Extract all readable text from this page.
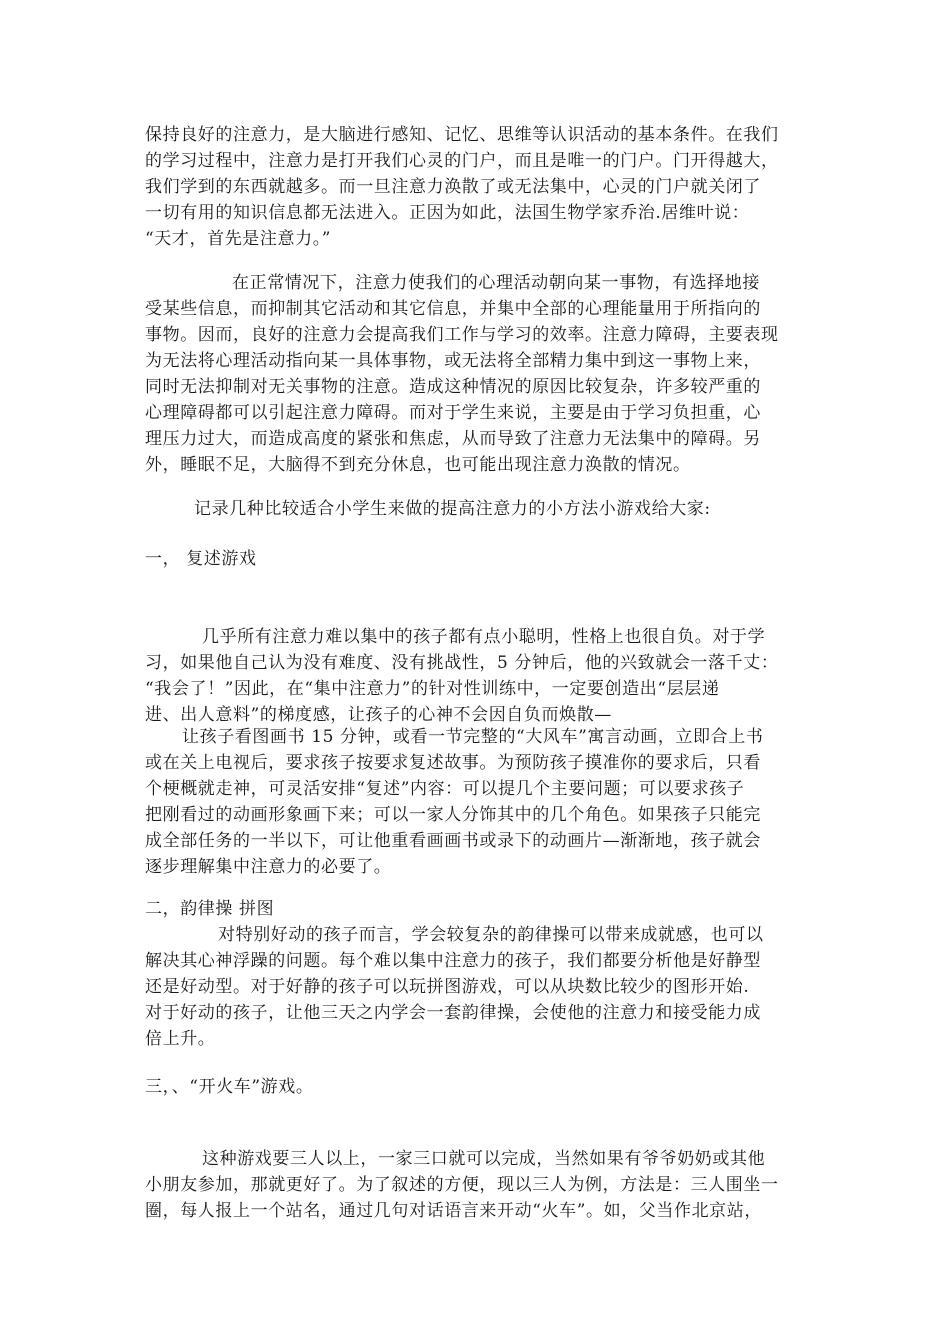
保持良好的注意力，是大脑进行感知、记忆、思维等认识活动的基本条件。在我们
的学习过程中，注意力是打开我们心灵的门户，而且是唯一的门户。门开得越大，
我们学到的东西就越多。而一旦注意力涣散了或无法集中，心灵的门户就关闭了
一切有用的知识信息都无法进入。正因为如此，法国生物学家乔治.居维叶说：
“天才，首先是注意力。”
在正常情况下，注意力使我们的心理活动朝向某一事物，有选择地接
受某些信息，而抑制其它活动和其它信息，并集中全部的心理能量用于所指向的
事物。因而，良好的注意力会提高我们工作与学习的效率。注意力障碍，主要表现
为无法将心理活动指向某一具体事物，或无法将全部精力集中到这一事物上来，
同时无法抑制对无关事物的注意。造成这种情况的原因比较复杂，许多较严重的
心理障碍都可以引起注意力障碍。而对于学生来说，主要是由于学习负担重，心
理压力过大，而造成高度的紧张和焦虑，从而导致了注意力无法集中的障碍。另
外，睡眠不足，大脑得不到充分休息，也可能出现注意力涣散的情况。
记录几种比较适合小学生来做的提高注意力的小方法小游戏给大家:
一， 复述游戏
几乎所有注意力难以集中的孩子都有点小聪明，性格上也很自负。对于学
习，如果他自己认为没有难度、没有挑战性，5 分钟后，他的兴致就会一落千丈：
“我会了！”因此，在“集中注意力”的针对性训练中，一定要创造出“层层递
进、出人意料”的梯度感，让孩子的心神不会因自负而焕散—
让孩子看图画书 15 分钟，或看一节完整的“大风车”寓言动画，立即合上书
或在关上电视后，要求孩子按要求复述故事。为预防孩子摸准你的要求后，只看
个梗概就走神，可灵活安排“复述”内容：可以提几个主要问题；可以要求孩子
把刚看过的动画形象画下来；可以一家人分饰其中的几个角色。如果孩子只能完
成全部任务的一半以下，可让他重看画画书或录下的动画片—渐渐地，孩子就会
逐步理解集中注意力的必要了。
二，韵律操 拼图
对特别好动的孩子而言，学会较复杂的韵律操可以带来成就感，也可以
解决其心神浮躁的问题。每个难以集中注意力的孩子，我们都要分析他是好静型
还是好动型。对于好静的孩子可以玩拼图游戏，可以从块数比较少的图形开始.
对于好动的孩子，让他三天之内学会一套韵律操，会使他的注意力和接受能力成
倍上升。
三，、“开火车”游戏。
这种游戏要三人以上，一家三口就可以完成，当然如果有爷爷奶奶或其他
小朋友参加，那就更好了。为了叙述的方便，现以三人为例，方法是：三人围坐一
圈，每人报上一个站名，通过几句对话语言来开动“火车”。如，父当作北京站，
